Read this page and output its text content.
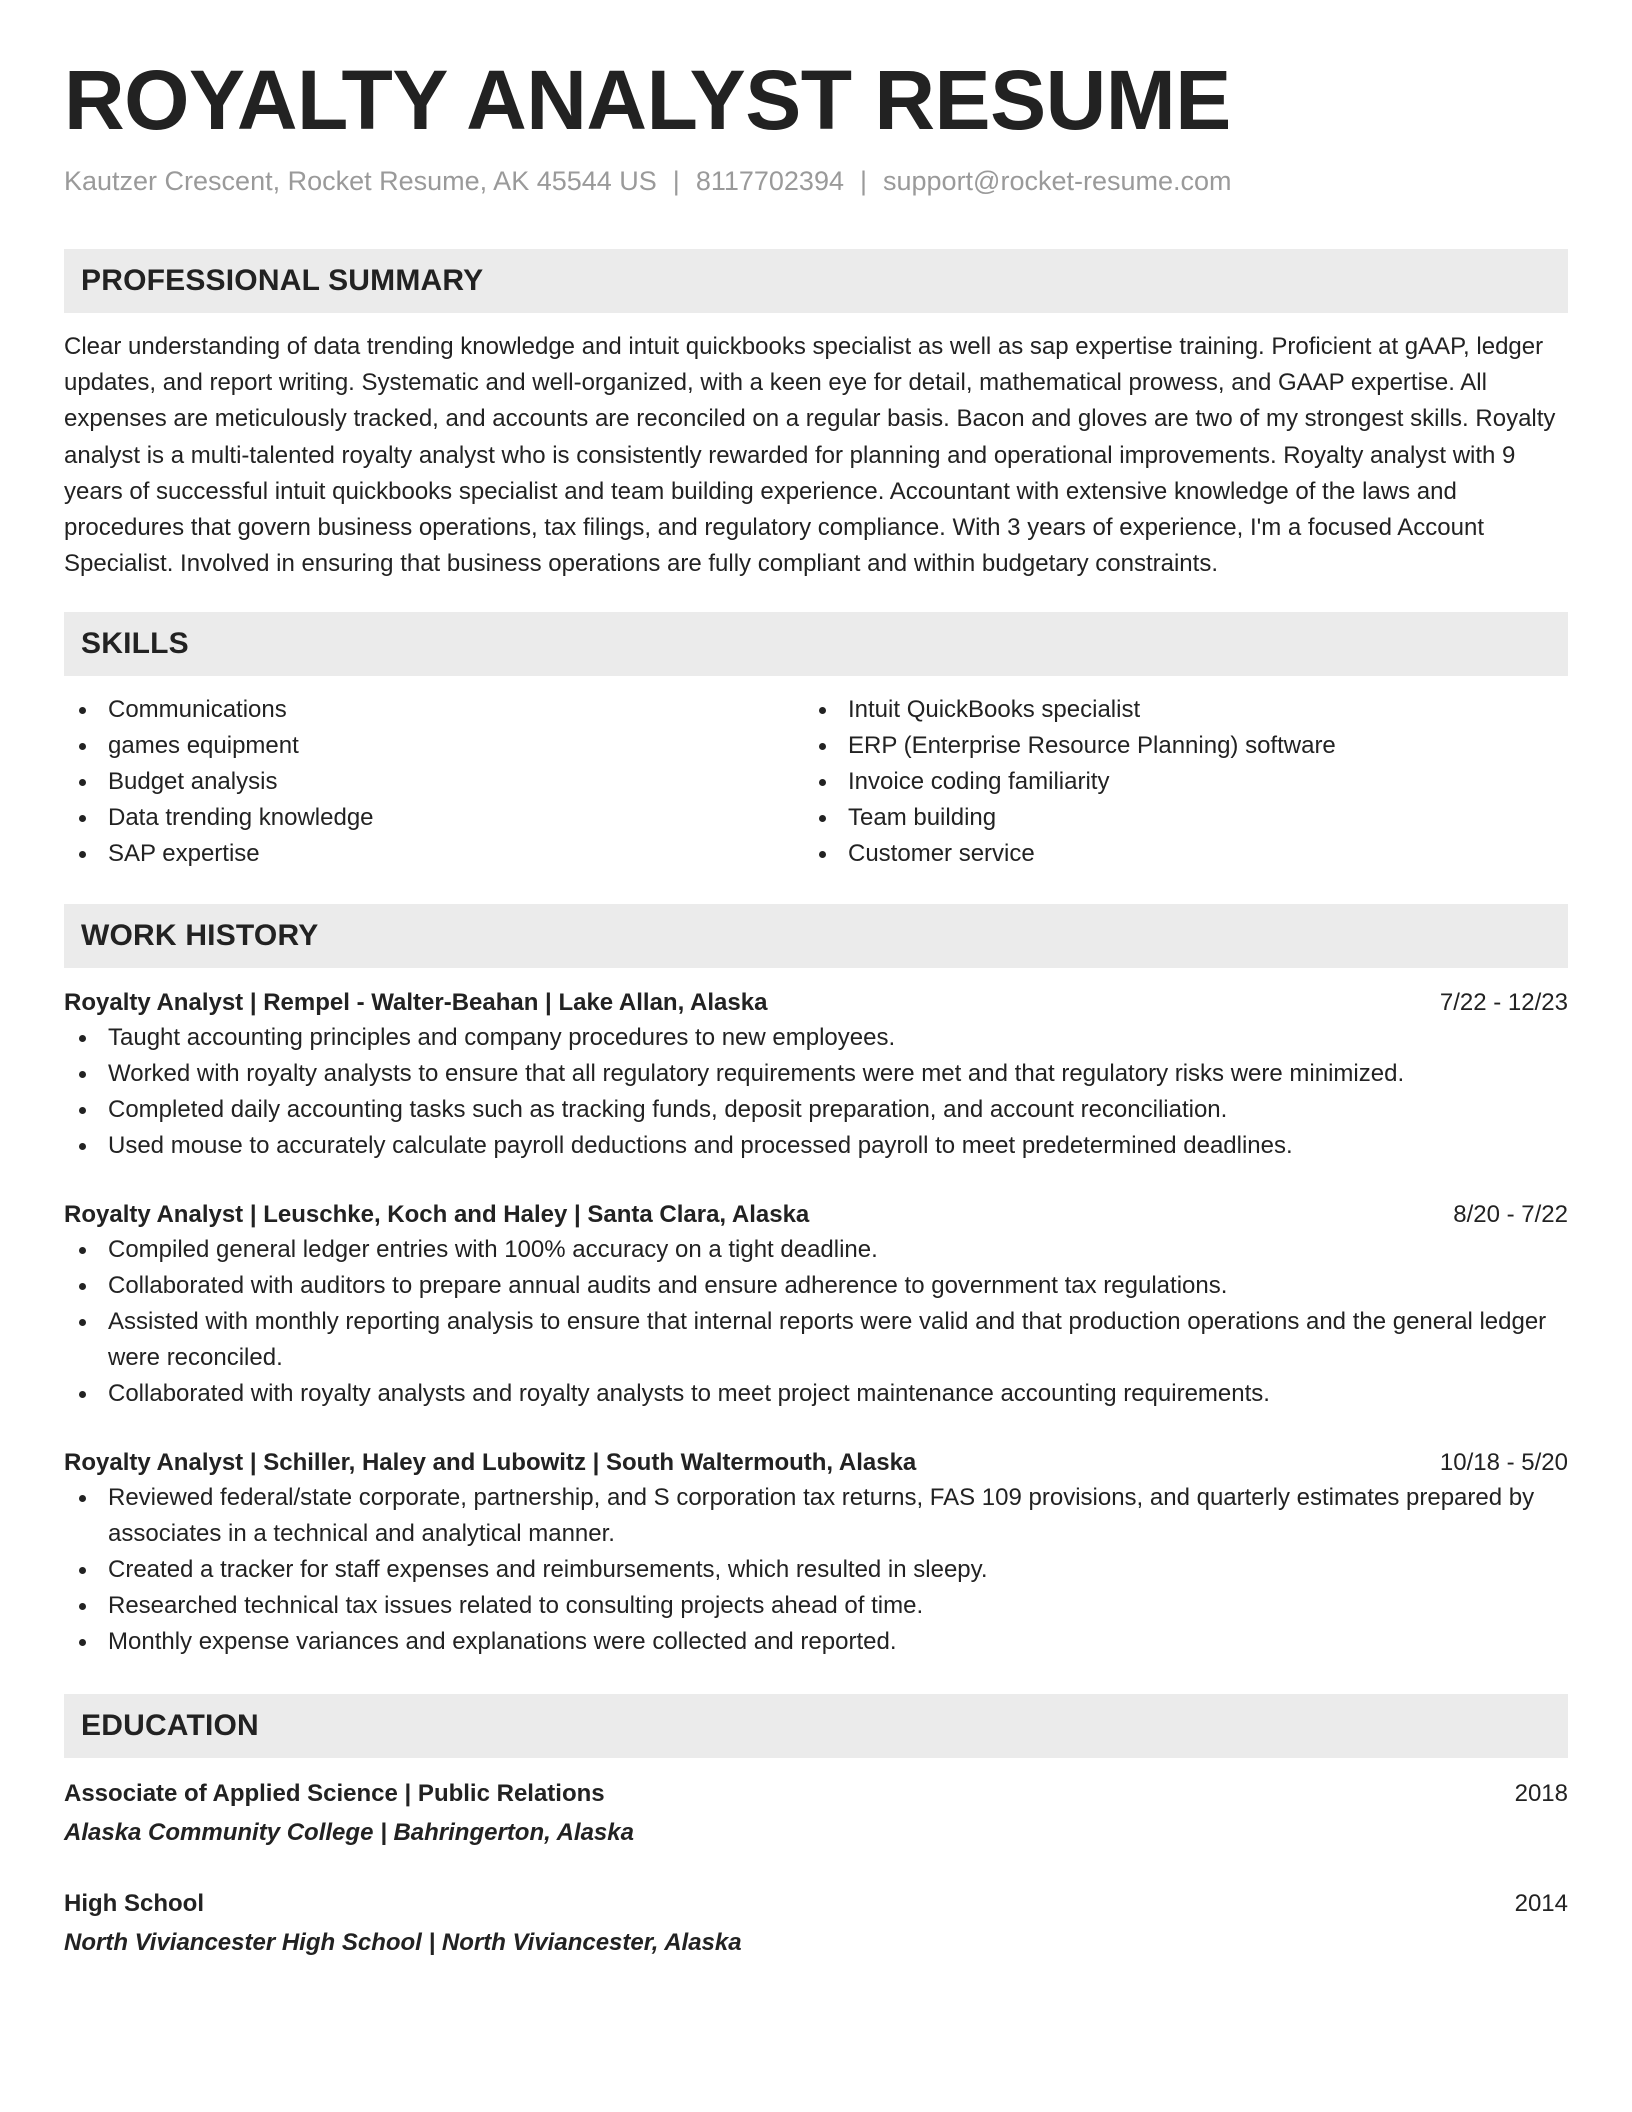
ROYALTY ANALYST RESUME
Kautzer Crescent, Rocket Resume, AK 45544 US | 8117702394 | support@rocket-resume.com
PROFESSIONAL SUMMARY
Clear understanding of data trending knowledge and intuit quickbooks specialist as well as sap expertise training. Proficient at gAAP, ledger updates, and report writing. Systematic and well-organized, with a keen eye for detail, mathematical prowess, and GAAP expertise. All expenses are meticulously tracked, and accounts are reconciled on a regular basis. Bacon and gloves are two of my strongest skills. Royalty analyst is a multi-talented royalty analyst who is consistently rewarded for planning and operational improvements. Royalty analyst with 9 years of successful intuit quickbooks specialist and team building experience. Accountant with extensive knowledge of the laws and procedures that govern business operations, tax filings, and regulatory compliance. With 3 years of experience, I'm a focused Account Specialist. Involved in ensuring that business operations are fully compliant and within budgetary constraints.
SKILLS
Communications
games equipment
Budget analysis
Data trending knowledge
SAP expertise
Intuit QuickBooks specialist
ERP (Enterprise Resource Planning) software
Invoice coding familiarity
Team building
Customer service
WORK HISTORY
Royalty Analyst | Rempel - Walter-Beahan | Lake Allan, Alaska	7/22 - 12/23
Taught accounting principles and company procedures to new employees.
Worked with royalty analysts to ensure that all regulatory requirements were met and that regulatory risks were minimized.
Completed daily accounting tasks such as tracking funds, deposit preparation, and account reconciliation.
Used mouse to accurately calculate payroll deductions and processed payroll to meet predetermined deadlines.
Royalty Analyst | Leuschke, Koch and Haley | Santa Clara, Alaska	8/20 - 7/22
Compiled general ledger entries with 100% accuracy on a tight deadline.
Collaborated with auditors to prepare annual audits and ensure adherence to government tax regulations.
Assisted with monthly reporting analysis to ensure that internal reports were valid and that production operations and the general ledger were reconciled.
Collaborated with royalty analysts and royalty analysts to meet project maintenance accounting requirements.
Royalty Analyst | Schiller, Haley and Lubowitz | South Waltermouth, Alaska	10/18 - 5/20
Reviewed federal/state corporate, partnership, and S corporation tax returns, FAS 109 provisions, and quarterly estimates prepared by associates in a technical and analytical manner.
Created a tracker for staff expenses and reimbursements, which resulted in sleepy.
Researched technical tax issues related to consulting projects ahead of time.
Monthly expense variances and explanations were collected and reported.
EDUCATION
Associate of Applied Science | Public Relations	2018
Alaska Community College | Bahringerton, Alaska
High School	2014
North Viviancester High School | North Viviancester, Alaska
